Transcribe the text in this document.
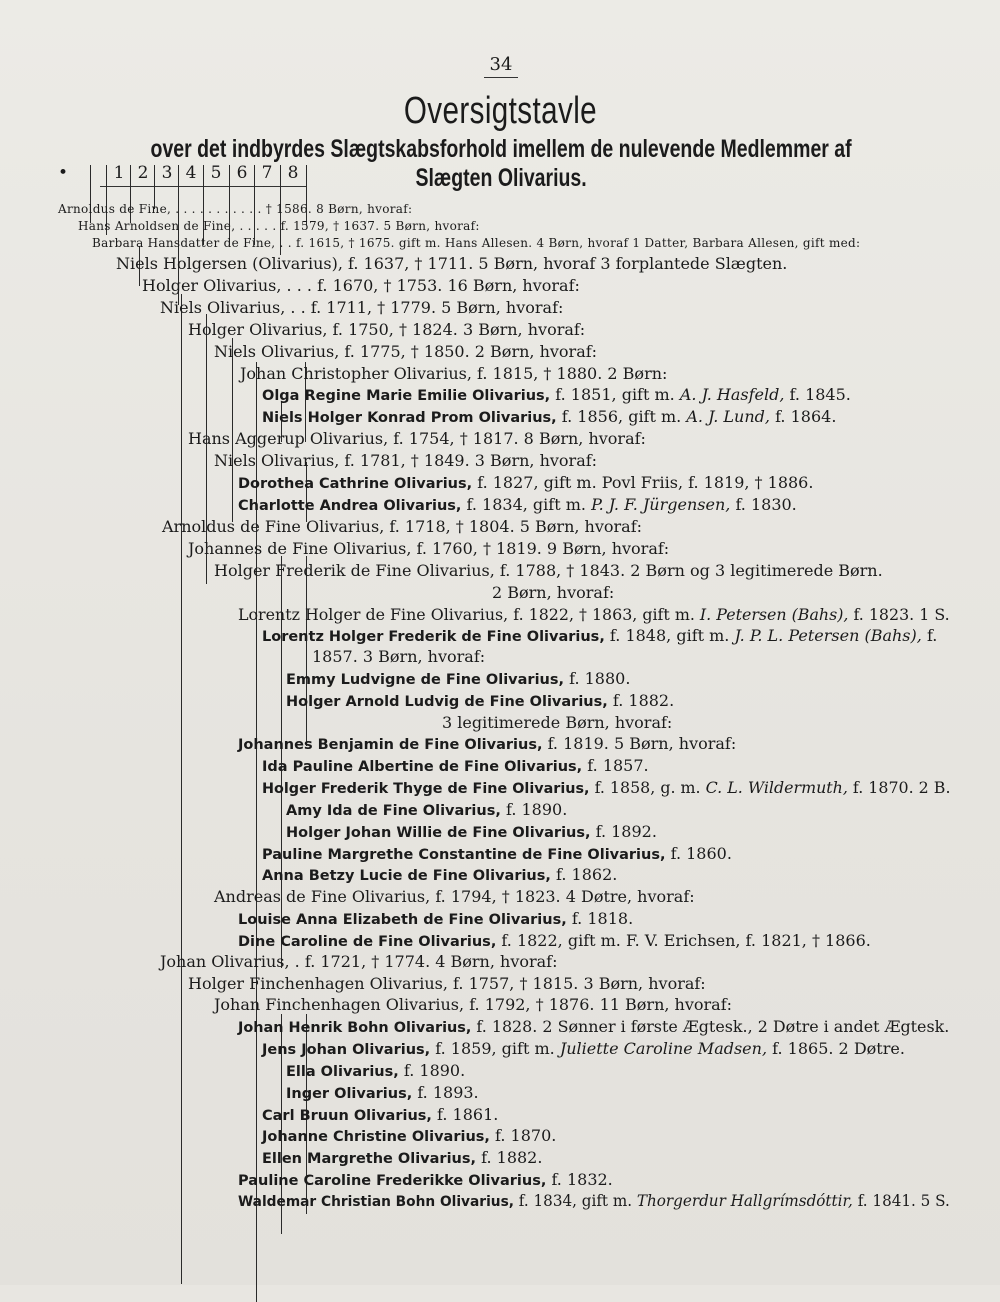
34
Oversigtstavle
over det indbyrdes Slægtskabsforhold imellem de nulevende Medlemmer af Slægten Olivarius.
•	1 2 3 4 5 6 7 8
Arnoldus de Fine, . . . . . . . . . . . † 1586. 8 Børn, hvoraf:
Hans Arnoldsen de Fine, . . . . . f. 1579, † 1637. 5 Børn, hvoraf:
Barbara Hansdatter de Fine, . . f. 1615, † 1675. gift m. Hans Allesen. 4 Børn, hvoraf 1 Datter, Barbara Allesen, gift med:
Niels Holgersen (Olivarius), f. 1637, † 1711. 5 Børn, hvoraf 3 forplantede Slægten.
Holger Olivarius, . . . f. 1670, † 1753. 16 Børn, hvoraf:
Niels Olivarius, . . f. 1711, † 1779. 5 Børn, hvoraf:
Holger Olivarius, f. 1750, † 1824. 3 Børn, hvoraf:
Niels Olivarius, f. 1775, † 1850. 2 Børn, hvoraf:
Johan Christopher Olivarius, f. 1815, † 1880. 2 Børn:
Olga Regine Marie Emilie Olivarius, f. 1851, gift m. A. J. Hasfeld, f. 1845.
Niels Holger Konrad Prom Olivarius, f. 1856, gift m. A. J. Lund, f. 1864.
Hans Aggerup Olivarius, f. 1754, † 1817. 8 Børn, hvoraf:
Niels Olivarius, f. 1781, † 1849. 3 Børn, hvoraf:
Dorothea Cathrine Olivarius, f. 1827, gift m. Povl Friis, f. 1819, † 1886.
Charlotte Andrea Olivarius, f. 1834, gift m. P. J. F. Jürgensen, f. 1830.
Arnoldus de Fine Olivarius, f. 1718, † 1804. 5 Børn, hvoraf:
Johannes de Fine Olivarius, f. 1760, † 1819. 9 Børn, hvoraf:
Holger Frederik de Fine Olivarius, f. 1788, † 1843. 2 Børn og 3 legitimerede Børn.
2 Børn, hvoraf:
Lorentz Holger de Fine Olivarius, f. 1822, † 1863, gift m. I. Petersen (Bahs), f. 1823. 1 S.
Lorentz Holger Frederik de Fine Olivarius, f. 1848, gift m. J. P. L. Petersen (Bahs), f.
1857. 3 Børn, hvoraf:
Emmy Ludvigne de Fine Olivarius, f. 1880.
Holger Arnold Ludvig de Fine Olivarius, f. 1882.
3 legitimerede Børn, hvoraf:
Johannes Benjamin de Fine Olivarius, f. 1819. 5 Børn, hvoraf:
Ida Pauline Albertine de Fine Olivarius, f. 1857.
Holger Frederik Thyge de Fine Olivarius, f. 1858, g. m. C. L. Wildermuth, f. 1870. 2 B.
Amy Ida de Fine Olivarius, f. 1890.
Holger Johan Willie de Fine Olivarius, f. 1892.
Pauline Margrethe Constantine de Fine Olivarius, f. 1860.
Anna Betzy Lucie de Fine Olivarius, f. 1862.
Andreas de Fine Olivarius, f. 1794, † 1823. 4 Døtre, hvoraf:
Louise Anna Elizabeth de Fine Olivarius, f. 1818.
Dine Caroline de Fine Olivarius, f. 1822, gift m. F. V. Erichsen, f. 1821, † 1866.
Johan Olivarius, . f. 1721, † 1774. 4 Børn, hvoraf:
Holger Finchenhagen Olivarius, f. 1757, † 1815. 3 Børn, hvoraf:
Johan Finchenhagen Olivarius, f. 1792, † 1876. 11 Børn, hvoraf:
Johan Henrik Bohn Olivarius, f. 1828. 2 Sønner i første Ægtesk., 2 Døtre i andet Ægtesk.
Jens Johan Olivarius, f. 1859, gift m. Juliette Caroline Madsen, f. 1865. 2 Døtre.
Ella Olivarius, f. 1890.
Inger Olivarius, f. 1893.
Carl Bruun Olivarius, f. 1861.
Johanne Christine Olivarius, f. 1870.
Ellen Margrethe Olivarius, f. 1882.
Pauline Caroline Frederikke Olivarius, f. 1832.
Waldemar Christian Bohn Olivarius, f. 1834, gift m. Thorgerdur Hallgrímsdóttir, f. 1841. 5 S.
